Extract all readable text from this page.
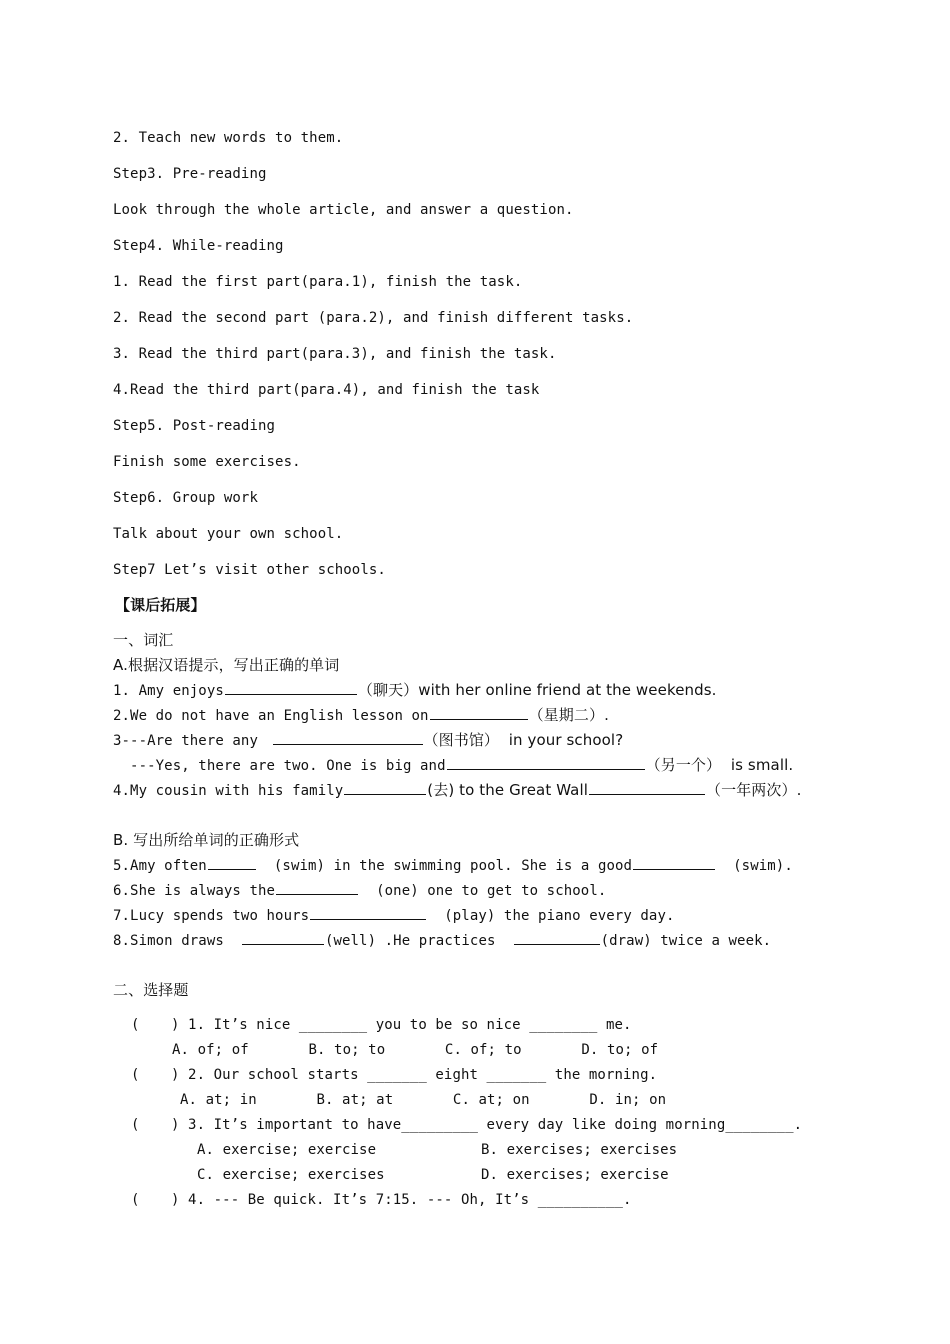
2. Teach new words to them.
Step3. Pre-reading
Look through the whole article, and answer a question.
Step4. While-reading
1. Read the first part(para.1), finish the task.
2. Read the second part (para.2), and finish different tasks.
3. Read the third part(para.3), and finish the task.
4.Read the third part(para.4), and finish the task
Step5. Post-reading
Finish some exercises.
Step6. Group work
Talk about your own school.
Step7 Let’s visit other schools.
【课后拓展】
一、词汇
A.根据汉语提示，写出正确的单词
1. Amy enjoys	（聊天）with her online friend at the weekends.
2.We do not have an English lesson on	（星期二）.
3---Are there any	（图书馆）  in your school?
---Yes, there are two. One is big and	（另一个）  is small.
4.My cousin with his family	(去) to the Great Wall	（一年两次）.
B. 写出所给单词的正确形式
5.Amy often	(swim) in the swimming pool. She is a good	(swim).
6.She is always the	(one) one to get to school.
7.Lucy spends two hours	(play) the piano every day.
8.Simon draws	(well) .He practices	(draw) twice a week.
二、选择题
( ) 1. It’s nice ________ you to be so nice ________ me.
A. of; of       B. to; to       C. of; to       D. to; of
( ) 2. Our school starts _______ eight _______ the morning.
A. at; in       B. at; at       C. at; on       D. in; on
( ) 3. It’s important to have_________ every day like doing morning________.
A. exercise; exercise	B. exercises; exercises
C. exercise; exercises	D. exercises; exercise
( ) 4. --- Be quick. It’s 7:15. --- Oh, It’s __________.
